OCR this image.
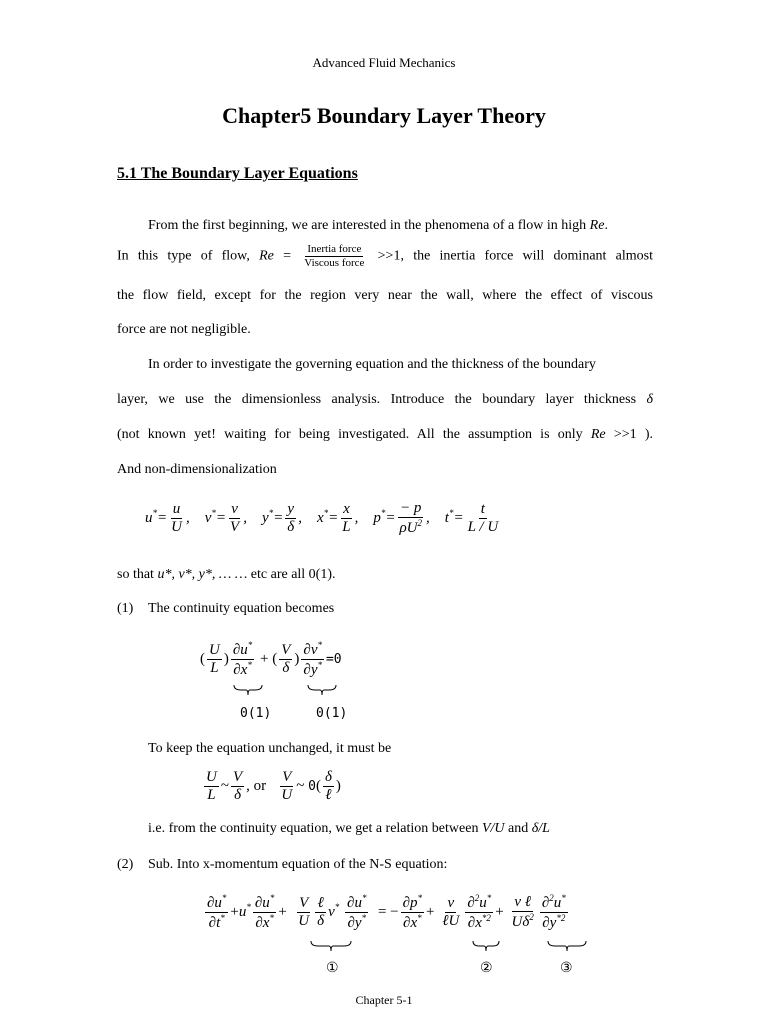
Advanced Fluid Mechanics
Chapter5 Boundary Layer Theory
5.1 The Boundary Layer Equations
From the first beginning, we are interested in the phenomena of a flow in high Re.
In this type of flow, $Re = \frac{\text{Inertia force}}{\text{Viscous force}} >>1$, the inertia force will dominant almost
the flow field, except for the region very near the wall, where the effect of viscous
force are not negligible.
In order to investigate the governing equation and the thickness of the boundary
layer, we use the dimensionless analysis. Introduce the boundary layer thickness δ
(not known yet! waiting for being investigated. All the assumption is only Re >>1 ).
And non-dimensionalization
$u^*= \frac{u}{U}$ ,    $v^*= \frac{v}{V}$ ,    $y^*= \frac{y}{\delta}$ ,    $x^*= \frac{x}{L}$ ,    $p^*= \frac{- p}{\rho U^2}$ ,    $t^*= \frac{t}{L / U}$
so that u*, v*, y*, … … etc are all 0(1).
(1) The continuity equation becomes
( $\frac{U}{L}$ ) $\frac{\partial u^*}{\partial x^*}$ + ( $\frac{V}{\delta}$ ) $\frac{\partial v^*}{\partial y^*} =0$
0(1)	0(1)
To keep the equation unchanged, it must be
$\frac{U}{L}$ ~ $\frac{V}{\delta}$ , or $\frac{V}{U}$ ~ $0( \frac{\delta}{\text{ℓ}}$ )
i.e. from the continuity equation, we get a relation between V/U and δ/L
(2) Sub. Into x-momentum equation of the N-S equation:
$\frac{\partial u^*}{\partial t^*} +u^* \frac{\partial u^*}{\partial x^*} + \frac{V}{U} \frac{\text{ℓ}}{\delta} v^* \frac{\partial u^*}{\partial y^*}$ = − $\frac{\partial p^*}{\partial x^*} + \frac{\nu}{\text{ℓU}} \frac{\partial^2u^*}{\partial x^{*2}} + \frac{\text{ν ℓ}}{U\delta^2} \frac{\partial^2u^*}{\partial y^{*2}}$
①	②	③
Chapter 5-1
